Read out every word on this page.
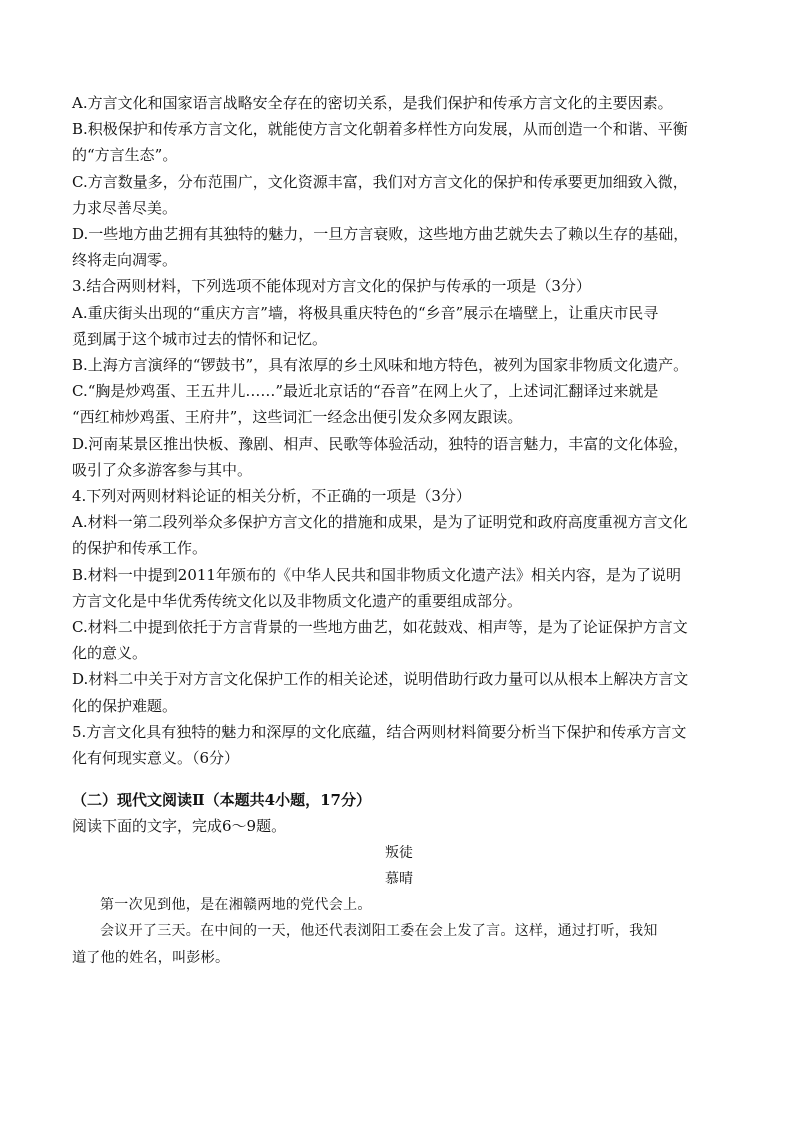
A.方言文化和国家语言战略安全存在的密切关系，是我们保护和传承方言文化的主要因素。
B.积极保护和传承方言文化，就能使方言文化朝着多样性方向发展，从而创造一个和谐、平衡
的“方言生态”。
C.方言数量多，分布范围广，文化资源丰富，我们对方言文化的保护和传承要更加细致入微，
力求尽善尽美。
D.一些地方曲艺拥有其独特的魅力，一旦方言衰败，这些地方曲艺就失去了赖以生存的基础，
终将走向凋零。
3.结合两则材料，下列选项不能体现对方言文化的保护与传承的一项是（3分）
A.重庆街头出现的“重庆方言”墙，将极具重庆特色的“乡音”展示在墙壁上，让重庆市民寻
觅到属于这个城市过去的情怀和记忆。
B.上海方言演绎的“锣鼓书”，具有浓厚的乡土风味和地方特色，被列为国家非物质文化遗产。
C.“胸是炒鸡蛋、王五井儿……”最近北京话的“吞音”在网上火了，上述词汇翻译过来就是
“西红柿炒鸡蛋、王府井”，这些词汇一经念出便引发众多网友跟读。
D.河南某景区推出快板、豫剧、相声、民歌等体验活动，独特的语言魅力，丰富的文化体验，
吸引了众多游客参与其中。
4.下列对两则材料论证的相关分析，不正确的一项是（3分）
A.材料一第二段列举众多保护方言文化的措施和成果，是为了证明党和政府高度重视方言文化
的保护和传承工作。
B.材料一中提到2011年颁布的《中华人民共和国非物质文化遗产法》相关内容，是为了说明
方言文化是中华优秀传统文化以及非物质文化遗产的重要组成部分。
C.材料二中提到依托于方言背景的一些地方曲艺，如花鼓戏、相声等，是为了论证保护方言文
化的意义。
D.材料二中关于对方言文化保护工作的相关论述，说明借助行政力量可以从根本上解决方言文
化的保护难题。
5.方言文化具有独特的魅力和深厚的文化底蕴，结合两则材料简要分析当下保护和传承方言文
化有何现实意义。（6分）

（二）现代文阅读Ⅱ（本题共4小题，17分）

阅读下面的文字，完成6～9题。

叛徒

慕晴

第一次见到他，是在湘赣两地的党代会上。

会议开了三天。在中间的一天，他还代表浏阳工委在会上发了言。这样，通过打听，我知
道了他的姓名，叫彭彬。
